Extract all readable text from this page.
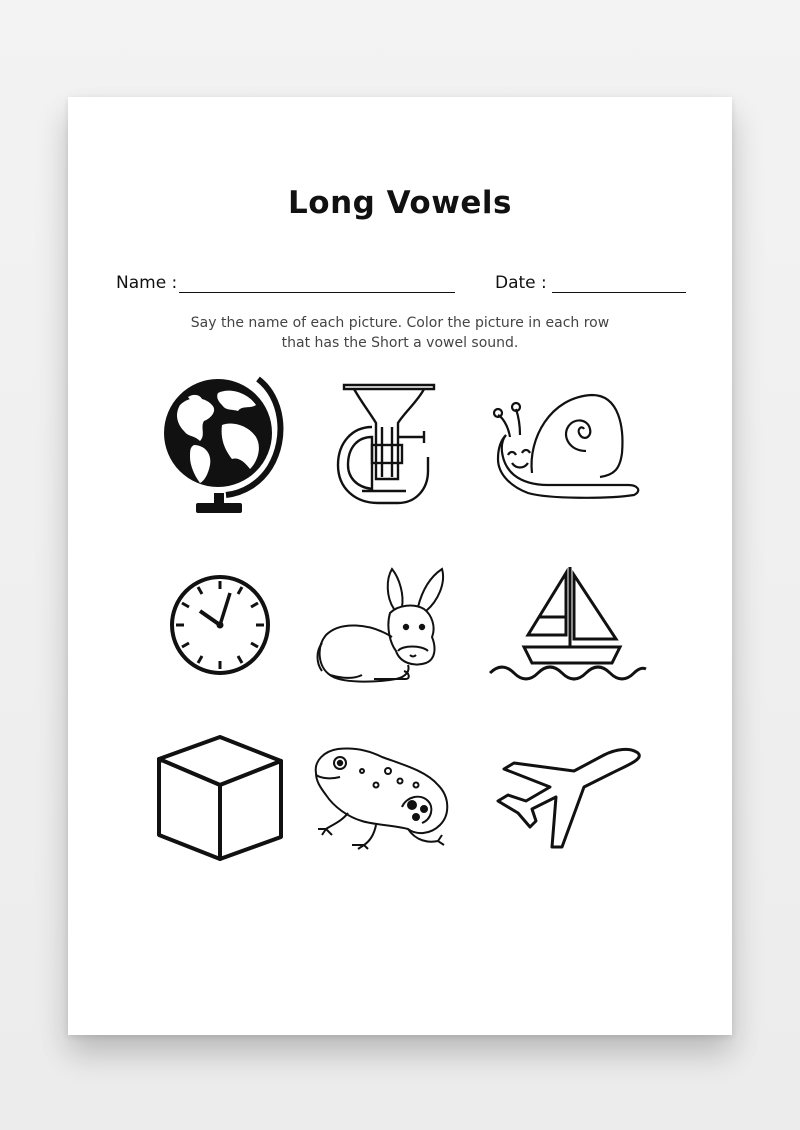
Long Vowels
Name :	Date :
Say the name of each picture. Color the picture in each row
that has the Short a vowel sound.
